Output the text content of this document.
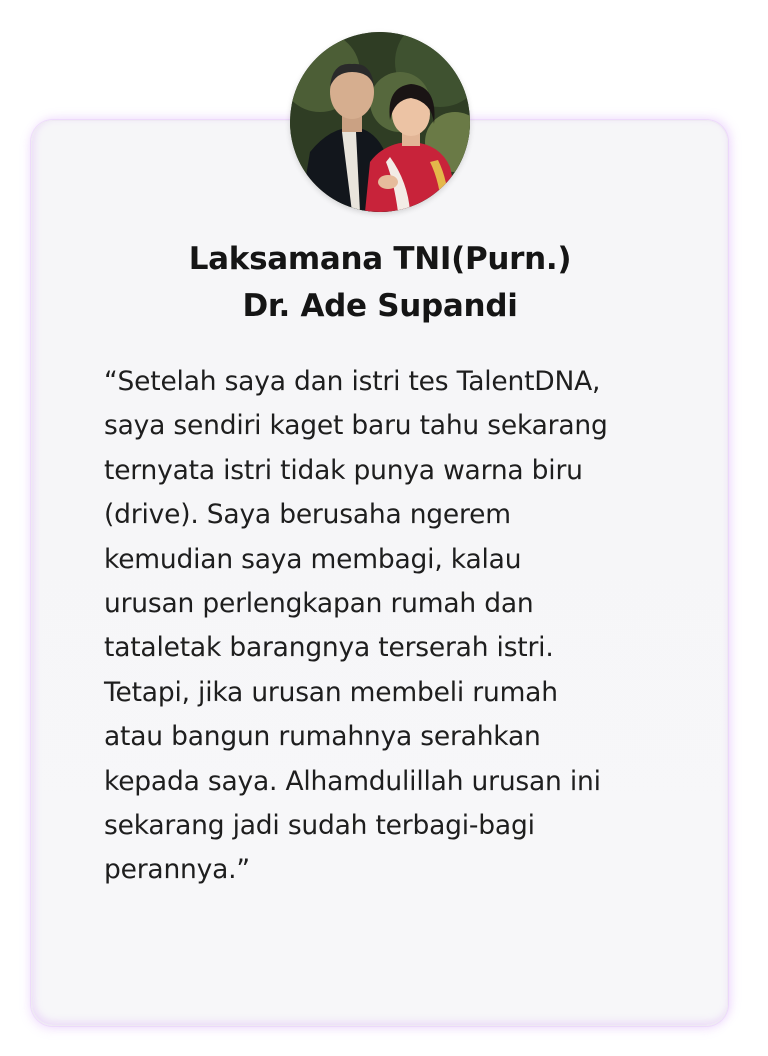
Laksamana TNI(Purn.)
Dr. Ade Supandi
“Setelah saya dan istri tes TalentDNA,
saya sendiri kaget baru tahu sekarang
ternyata istri tidak punya warna biru
(drive). Saya berusaha ngerem
kemudian saya membagi, kalau
urusan perlengkapan rumah dan
tataletak barangnya terserah istri.
Tetapi, jika urusan membeli rumah
atau bangun rumahnya serahkan
kepada saya. Alhamdulillah urusan ini
sekarang jadi sudah terbagi-bagi
perannya.”
